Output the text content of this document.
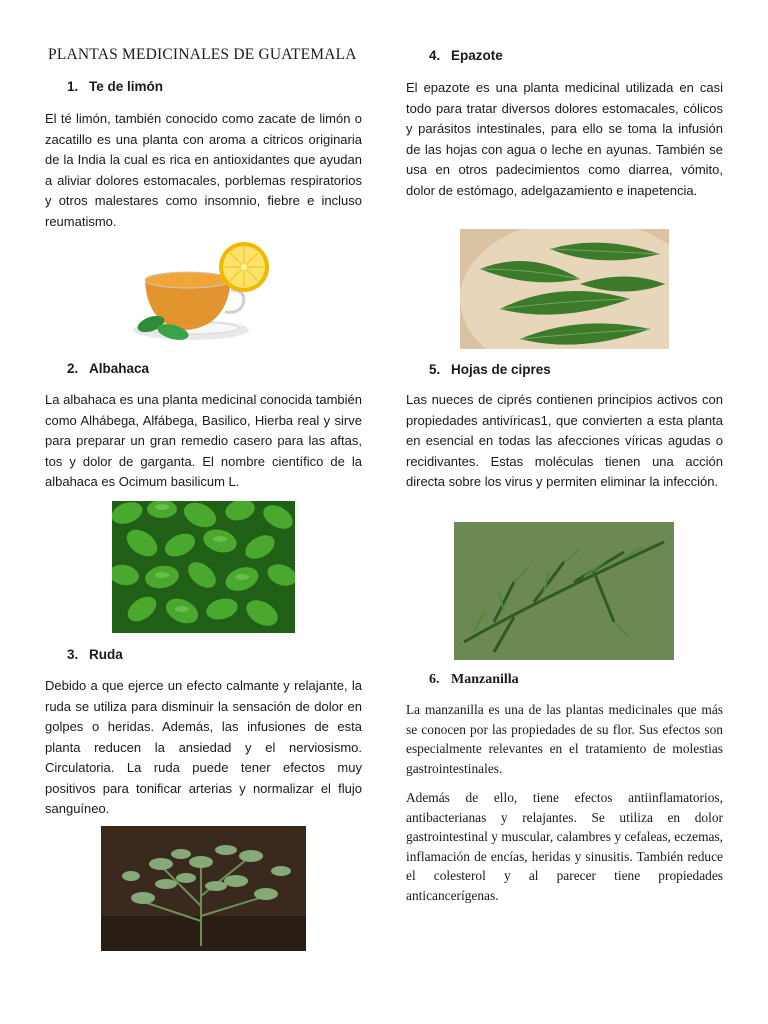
PLANTAS MEDICINALES DE GUATEMALA
1. Te de limón

El té limón, también conocido como zacate de limón o zacatillo es una planta con aroma a citricos originaria de la India la cual es rica en antioxidantes que ayudan a aliviar dolores estomacales, porblemas respiratorios y otros malestares como insomnio, fiebre e incluso reumatismo.

2. Albahaca

La albahaca es una planta medicinal conocida también como Alhábega, Alfábega, Basilico, Hierba real y sirve para preparar un gran remedio casero para las aftas, tos y dolor de garganta. El nombre científico de la albahaca es Ocimum basilicum L.

3. Ruda

Debido a que ejerce un efecto calmante y relajante, la ruda se utiliza para disminuir la sensación de dolor en golpes o heridas. Además, las infusiones de esta planta reducen la ansiedad y el nerviosismo. Circulatoria. La ruda puede tener efectos muy positivos para tonificar arterias y normalizar el flujo sanguíneo.

4. Epazote

El epazote es una planta medicinal utilizada en casi todo para tratar diversos dolores estomacales, cólicos y parásitos intestinales, para ello se toma la infusión de las hojas con agua o leche en ayunas. También se usa en otros padecimientos como diarrea, vómito, dolor de estómago, adelgazamiento e inapetencia.

5. Hojas de cipres

Las nueces de ciprés contienen principios activos con propiedades antivíricas1, que convierten a esta planta en esencial en todas las afecciones víricas agudas o recidivantes. Estas moléculas tienen una acción directa sobre los virus y permiten eliminar la infección.

6. Manzanilla

La manzanilla es una de las plantas medicinales que más se conocen por las propiedades de su flor. Sus efectos son especialmente relevantes en el tratamiento de molestias gastrointestinales.

Además de ello, tiene efectos antiinflamatorios, antibacterianas y relajantes. Se utiliza en dolor gastrointestinal y muscular, calambres y cefaleas, eczemas, inflamación de encías, heridas y sinusitis. También reduce el colesterol y al parecer tiene propiedades anticancerígenas.
